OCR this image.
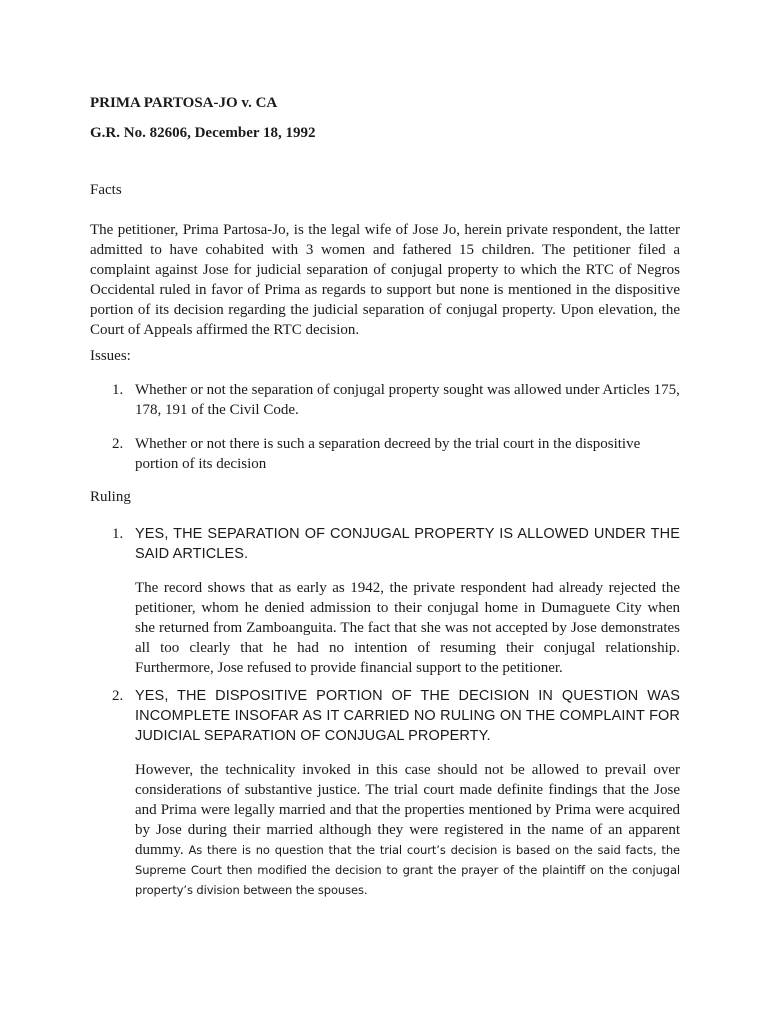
PRIMA PARTOSA-JO v. CA
G.R. No. 82606, December 18, 1992
Facts
The petitioner, Prima Partosa-Jo, is the legal wife of Jose Jo, herein private respondent, the latter admitted to have cohabited with 3 women and fathered 15 children. The petitioner filed a complaint against Jose for judicial separation of conjugal property to which the RTC of Negros Occidental ruled in favor of Prima as regards to support but none is mentioned in the dispositive portion of its decision regarding the judicial separation of conjugal property. Upon elevation, the Court of Appeals affirmed the RTC decision.
Issues:
1. Whether or not the separation of conjugal property sought was allowed under Articles 175, 178, 191 of the Civil Code.
2. Whether or not there is such a separation decreed by the trial court in the dispositive portion of its decision
Ruling
1. YES, THE SEPARATION OF CONJUGAL PROPERTY IS ALLOWED UNDER THE SAID ARTICLES.
The record shows that as early as 1942, the private respondent had already rejected the petitioner, whom he denied admission to their conjugal home in Dumaguete City when she returned from Zamboanguita. The fact that she was not accepted by Jose demonstrates all too clearly that he had no intention of resuming their conjugal relationship. Furthermore, Jose refused to provide financial support to the petitioner.
2. YES, THE DISPOSITIVE PORTION OF THE DECISION IN QUESTION WAS INCOMPLETE INSOFAR AS IT CARRIED NO RULING ON THE COMPLAINT FOR JUDICIAL SEPARATION OF CONJUGAL PROPERTY.
However, the technicality invoked in this case should not be allowed to prevail over considerations of substantive justice. The trial court made definite findings that the Jose and Prima were legally married and that the properties mentioned by Prima were acquired by Jose during their married although they were registered in the name of an apparent dummy. As there is no question that the trial court’s decision is based on the said facts, the Supreme Court then modified the decision to grant the prayer of the plaintiff on the conjugal property’s division between the spouses.
